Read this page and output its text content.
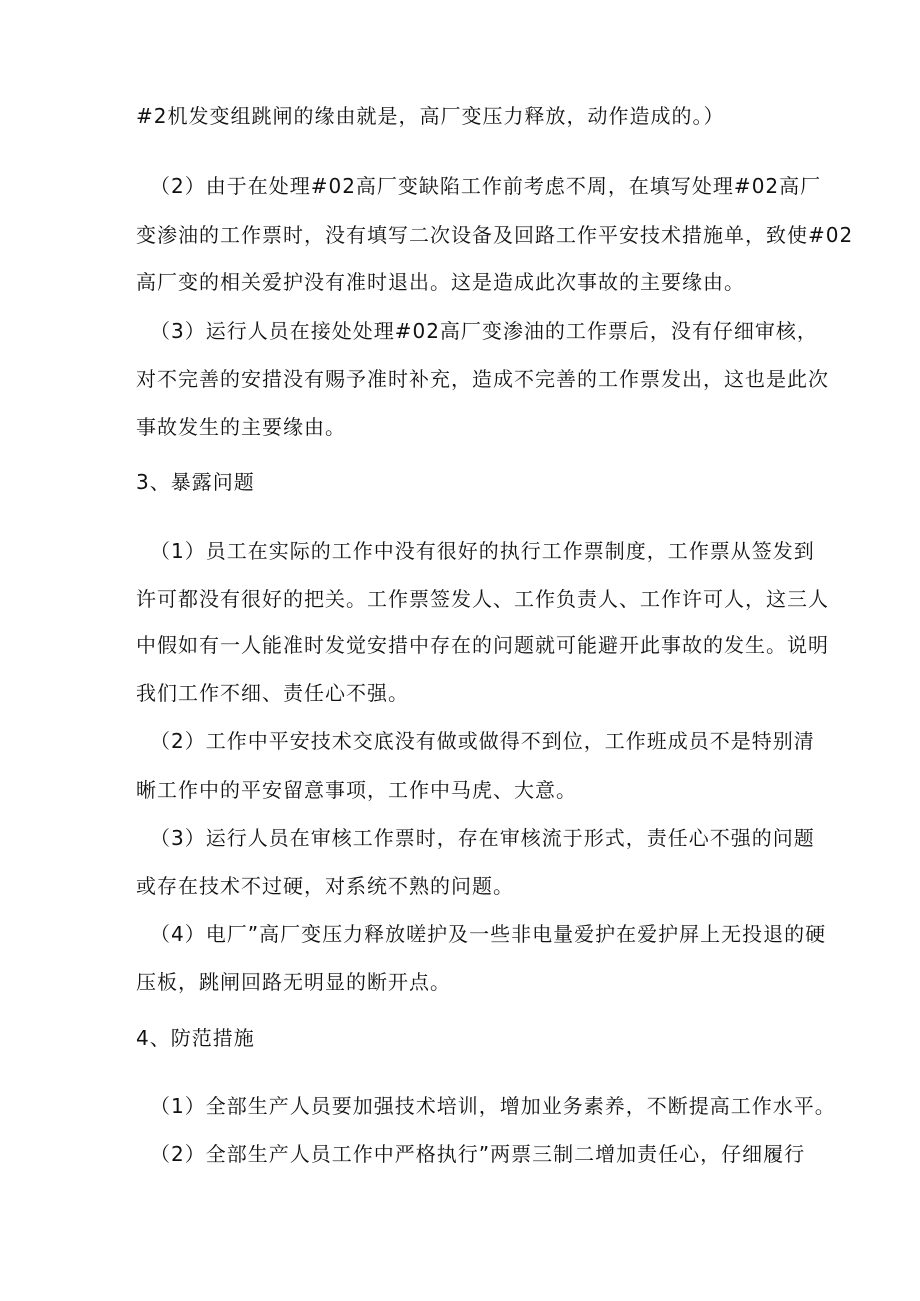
#2机发变组跳闸的缘由就是，高厂变压力释放，动作造成的。）
（2）由于在处理#02高厂变缺陷工作前考虑不周，在填写处理#02高厂
变渗油的工作票时，没有填写二次设备及回路工作平安技术措施单，致使#02
高厂变的相关爱护没有准时退出。这是造成此次事故的主要缘由。
（3）运行人员在接处处理#02高厂变渗油的工作票后，没有仔细审核，
对不完善的安措没有赐予准时补充，造成不完善的工作票发出，这也是此次
事故发生的主要缘由。
3、暴露问题
（1）员工在实际的工作中没有很好的执行工作票制度，工作票从签发到
许可都没有很好的把关。工作票签发人、工作负责人、工作许可人，这三人
中假如有一人能准时发觉安措中存在的问题就可能避开此事故的发生。说明
我们工作不细、责任心不强。
（2）工作中平安技术交底没有做或做得不到位，工作班成员不是特别清
晰工作中的平安留意事项，工作中马虎、大意。
（3）运行人员在审核工作票时，存在审核流于形式，责任心不强的问题
或存在技术不过硬，对系统不熟的问题。
（4）电厂”高厂变压力释放嗟护及一些非电量爱护在爱护屏上无投退的硬
压板，跳闸回路无明显的断开点。
4、防范措施
（1）全部生产人员要加强技术培训，增加业务素养，不断提高工作水平。
（2）全部生产人员工作中严格执行”两票三制二增加责任心，仔细履行
